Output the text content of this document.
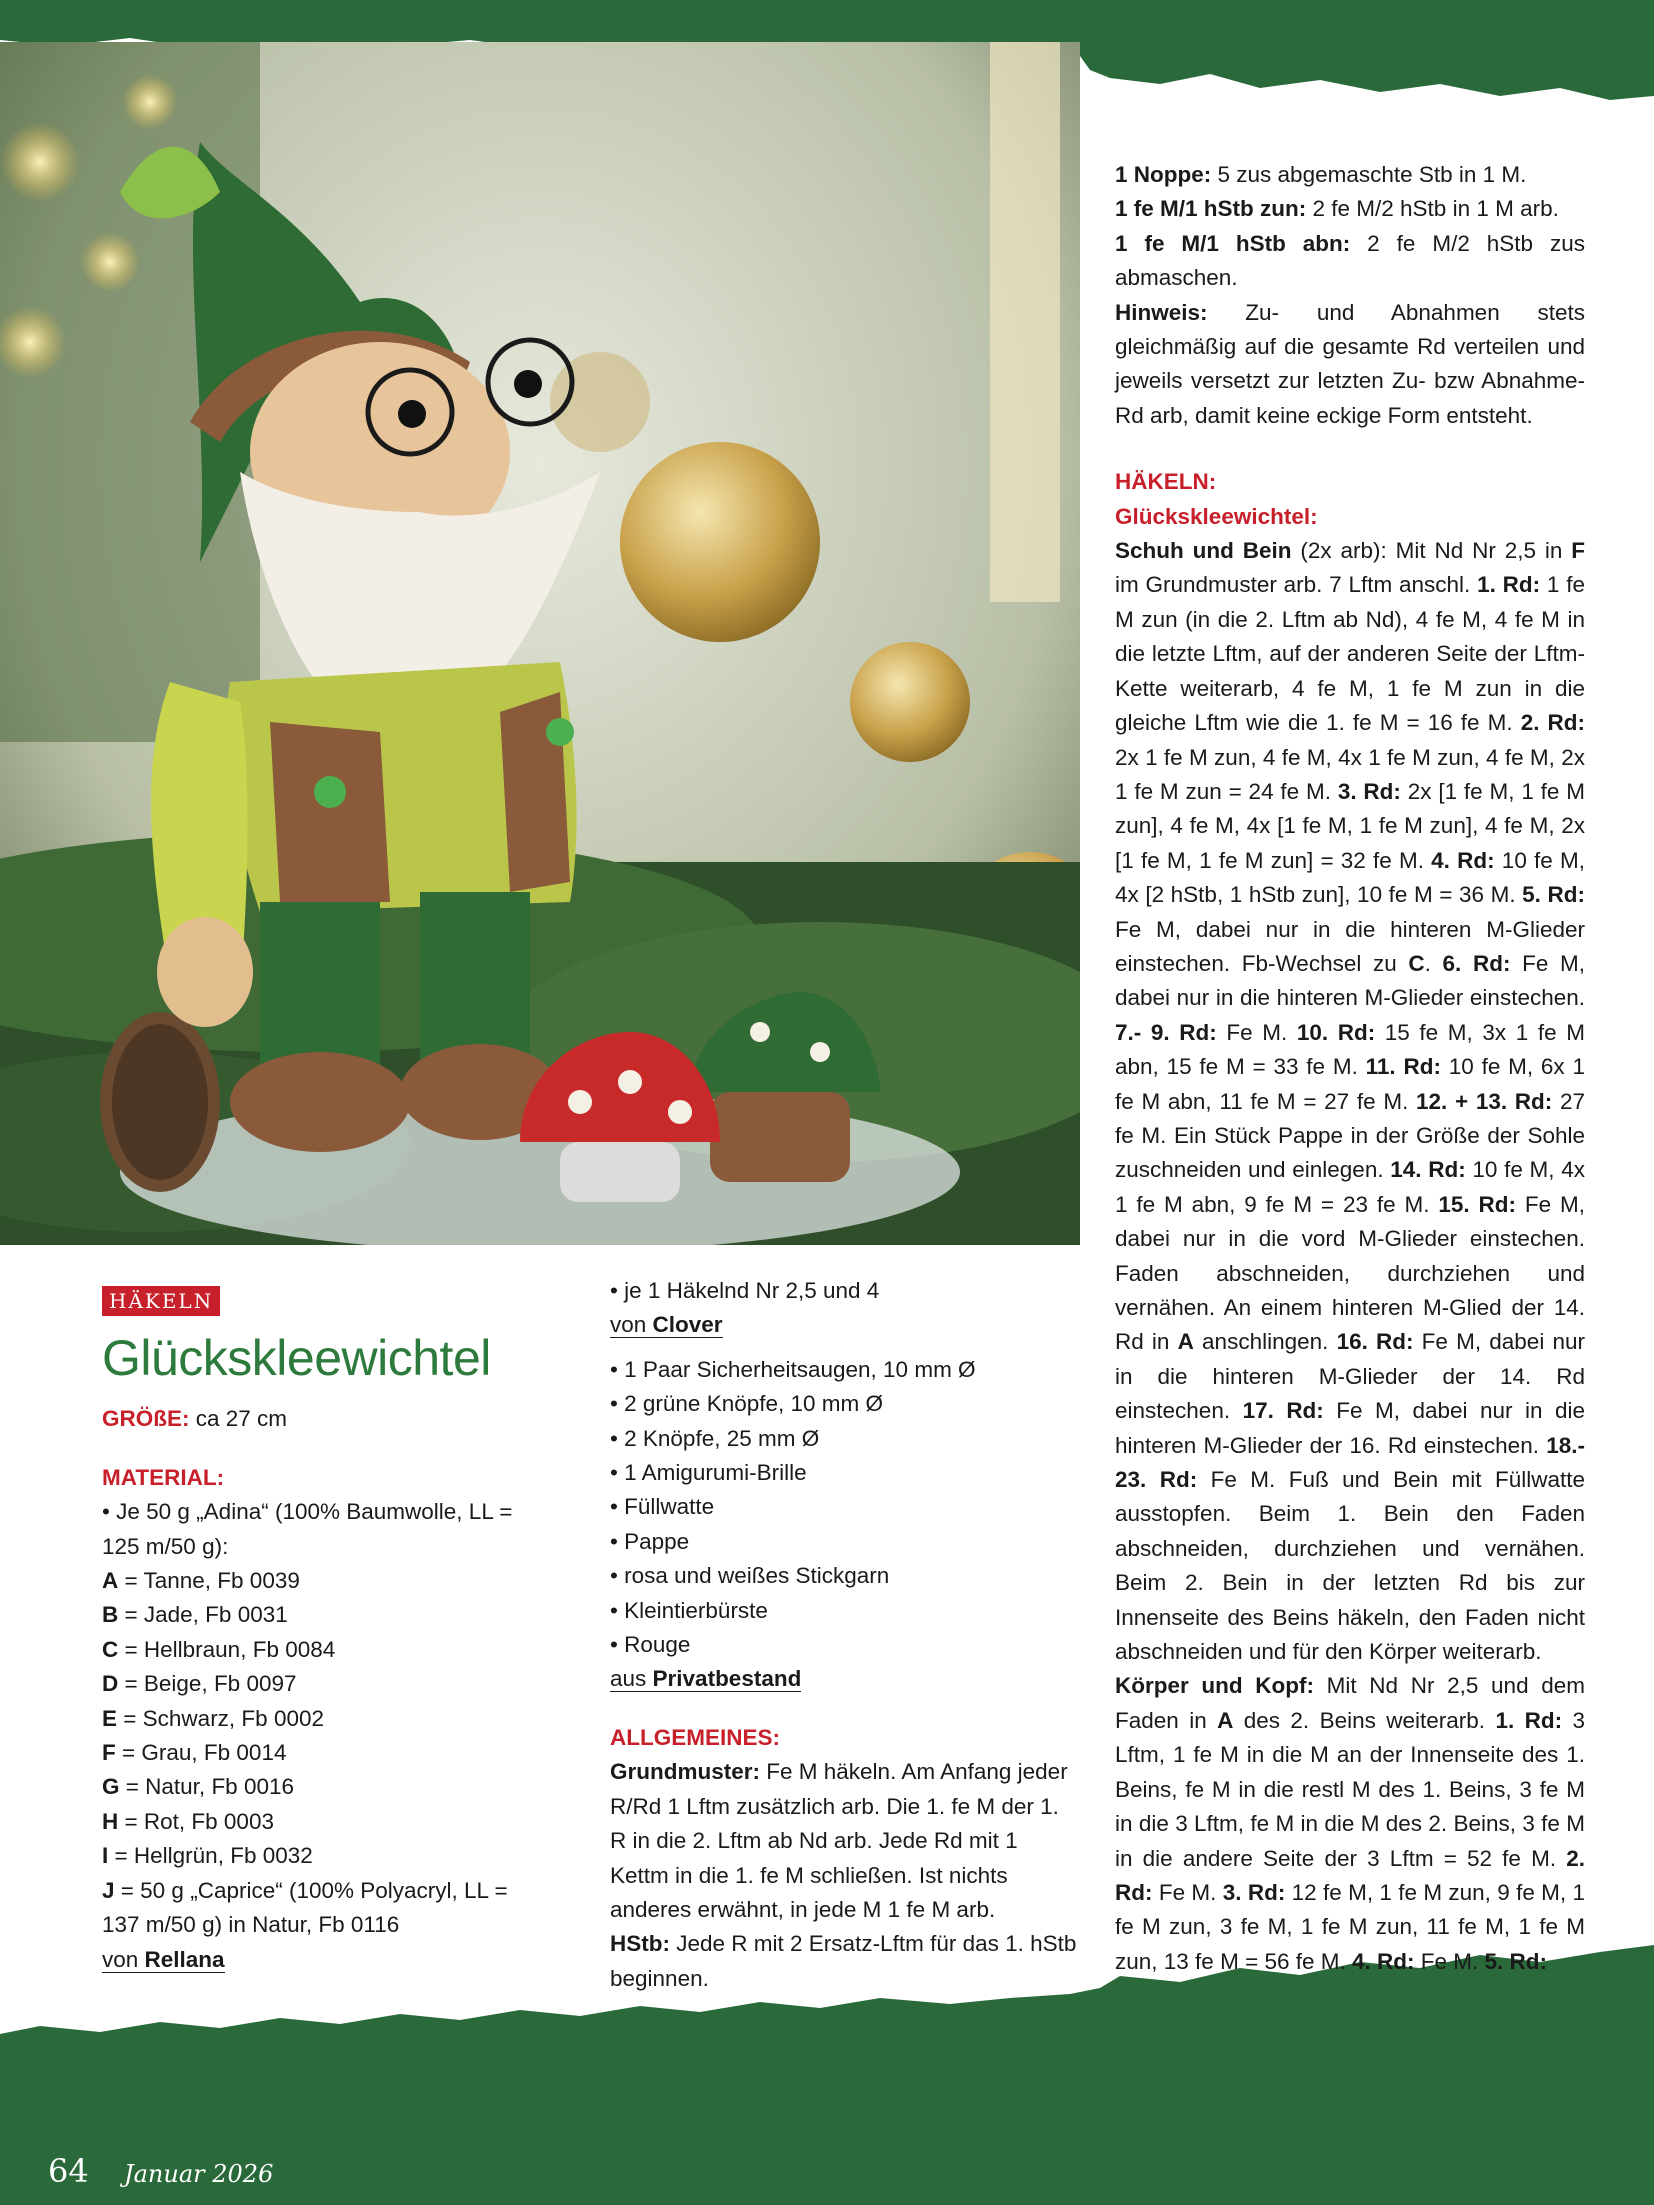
HÄKELN
Glückskleewichtel

GRÖßE: ca 27 cm

MATERIAL:

• Je 50 g „Adina“ (100% Baumwolle, LL = 125 m/50 g):

A = Tanne, Fb 0039

B = Jade, Fb 0031

C = Hellbraun, Fb 0084

D = Beige, Fb 0097

E = Schwarz, Fb 0002

F = Grau, Fb 0014

G = Natur, Fb 0016

H = Rot, Fb 0003

I = Hellgrün, Fb 0032

J = 50 g „Caprice“ (100% Polyacryl, LL = 137 m/50 g) in Natur, Fb 0116

von Rellana

• je 1 Häkelnd Nr 2,5 und 4

von Clover

• 1 Paar Sicherheitsaugen, 10 mm Ø

• 2 grüne Knöpfe, 10 mm Ø

• 2 Knöpfe, 25 mm Ø

• 1 Amigurumi-Brille

• Füllwatte

• Pappe

• rosa und weißes Stickgarn

• Kleintierbürste

• Rouge

aus Privatbestand

ALLGEMEINES:

Grundmuster: Fe M häkeln. Am Anfang jeder R/Rd 1 Lftm zusätzlich arb. Die 1. fe M der 1. R in die 2. Lftm ab Nd arb. Jede Rd mit 1 Kettm in die 1. fe M schließen. Ist nichts anderes erwähnt, in jede M 1 fe M arb.

HStb: Jede R mit 2 Ersatz-Lftm für das 1. hStb beginnen.

1 Noppe: 5 zus abgemaschte Stb in 1 M.

1 fe M/1 hStb zun: 2 fe M/2 hStb in 1 M arb.

1 fe M/1 hStb abn: 2 fe M/2 hStb zus abmaschen.

Hinweis: Zu- und Abnahmen stets gleichmäßig auf die gesamte Rd verteilen und jeweils versetzt zur letzten Zu- bzw Abnahme-Rd arb, damit keine eckige Form entsteht.

HÄKELN:

Glückskleewichtel:

Schuh und Bein (2x arb): Mit Nd Nr 2,5 in F im Grundmuster arb. 7 Lftm anschl. 1. Rd: 1 fe M zun (in die 2. Lftm ab Nd), 4 fe M, 4 fe M in die letzte Lftm, auf der anderen Seite der Lftm-Kette weiterarb, 4 fe M, 1 fe M zun in die gleiche Lftm wie die 1. fe M = 16 fe M. 2. Rd: 2x 1 fe M zun, 4 fe M, 4x 1 fe M zun, 4 fe M, 2x 1 fe M zun = 24 fe M. 3. Rd: 2x [1 fe M, 1 fe M zun], 4 fe M, 4x [1 fe M, 1 fe M zun], 4 fe M, 2x [1 fe M, 1 fe M zun] = 32 fe M. 4. Rd: 10 fe M, 4x [2 hStb, 1 hStb zun], 10 fe M = 36 M. 5. Rd: Fe M, dabei nur in die hinteren M-Glieder einstechen. Fb-Wechsel zu C. 6. Rd: Fe M, dabei nur in die hinteren M-Glieder einstechen. 7.- 9. Rd: Fe M. 10. Rd: 15 fe M, 3x 1 fe M abn, 15 fe M = 33 fe M. 11. Rd: 10 fe M, 6x 1 fe M abn, 11 fe M = 27 fe M. 12. + 13. Rd: 27 fe M. Ein Stück Pappe in der Größe der Sohle zuschneiden und einlegen. 14. Rd: 10 fe M, 4x 1 fe M abn, 9 fe M = 23 fe M. 15. Rd: Fe M, dabei nur in die vord M-Glieder einstechen. Faden abschneiden, durchziehen und vernähen. An einem hinteren M-Glied der 14. Rd in A anschlingen. 16. Rd: Fe M, dabei nur in die hinteren M-Glieder der 14. Rd einstechen. 17. Rd: Fe M, dabei nur in die hinteren M-Glieder der 16. Rd einstechen. 18.- 23. Rd: Fe M. Fuß und Bein mit Füllwatte ausstopfen. Beim 1. Bein den Faden abschneiden, durchziehen und vernähen. Beim 2. Bein in der letzten Rd bis zur Innenseite des Beins häkeln, den Faden nicht abschneiden und für den Körper weiterarb.

Körper und Kopf: Mit Nd Nr 2,5 und dem Faden in A des 2. Beins weiterarb. 1. Rd: 3 Lftm, 1 fe M in die M an der Innenseite des 1. Beins, fe M in die restl M des 1. Beins, 3 fe M in die 3 Lftm, fe M in die M des 2. Beins, 3 fe M in die andere Seite der 3 Lftm = 52 fe M. 2. Rd: Fe M. 3. Rd: 12 fe M, 1 fe M zun, 9 fe M, 1 fe M zun, 3 fe M, 1 fe M zun, 11 fe M, 1 fe M zun, 13 fe M = 56 fe M. 4. Rd: Fe M. 5. Rd:

64 Januar 2026
